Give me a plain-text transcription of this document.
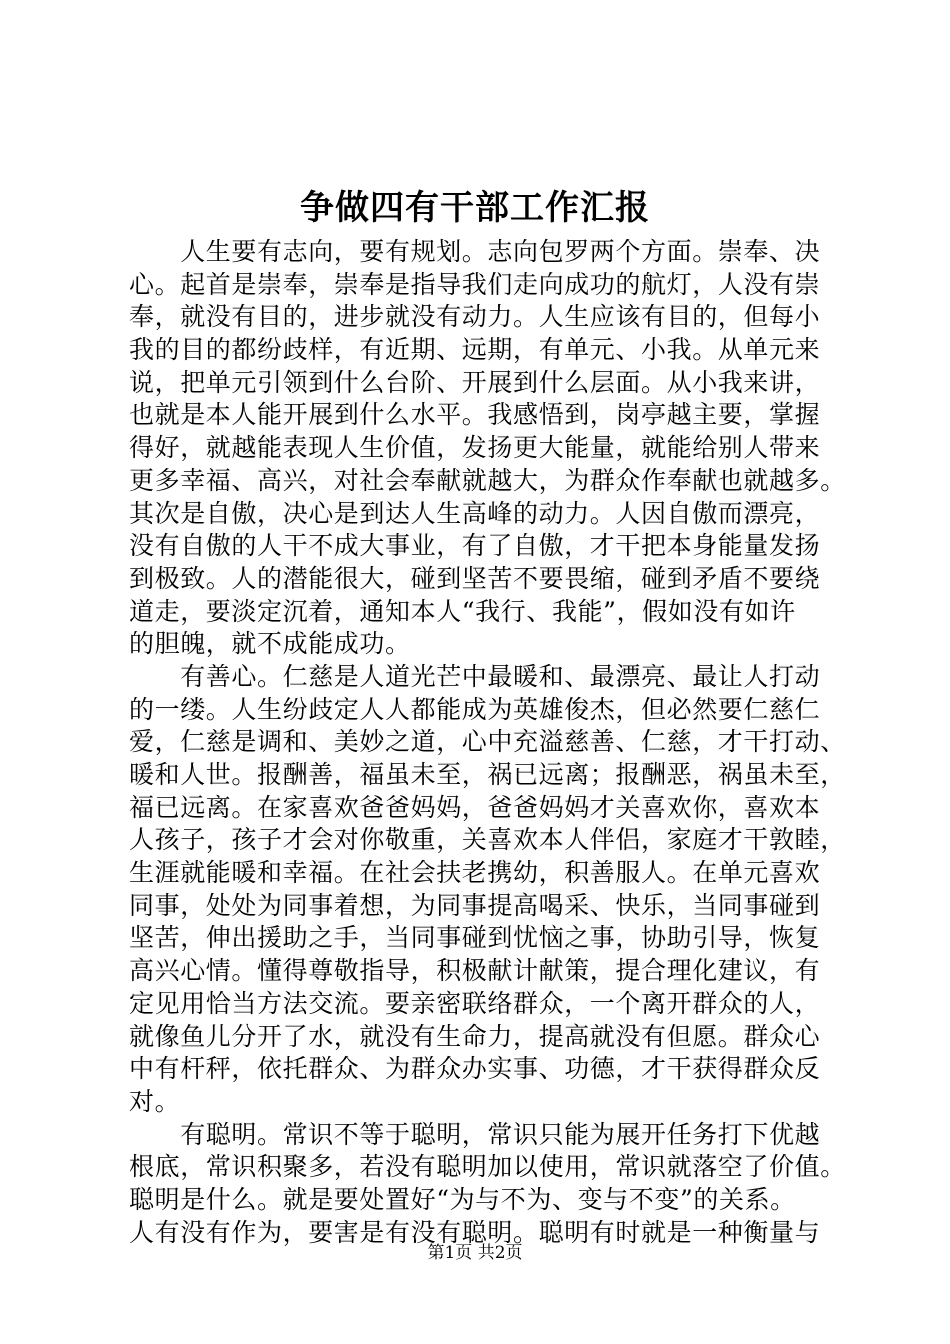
争做四有干部工作汇报
　　人生要有志向，要有规划。志向包罗两个方面。崇奉、决
心。起首是崇奉，崇奉是指导我们走向成功的航灯，人没有崇
奉，就没有目的，进步就没有动力。人生应该有目的，但每小
我的目的都纷歧样，有近期、远期，有单元、小我。从单元来
说，把单元引领到什么台阶、开展到什么层面。从小我来讲，
也就是本人能开展到什么水平。我感悟到，岗亭越主要，掌握
得好，就越能表现人生价值，发扬更大能量，就能给别人带来
更多幸福、高兴，对社会奉献就越大，为群众作奉献也就越多。
其次是自傲，决心是到达人生高峰的动力。人因自傲而漂亮，
没有自傲的人干不成大事业，有了自傲，才干把本身能量发扬
到极致。人的潜能很大，碰到坚苦不要畏缩，碰到矛盾不要绕
道走，要淡定沉着，通知本人“我行、我能”，假如没有如许
的胆魄，就不成能成功。
　　有善心。仁慈是人道光芒中最暖和、最漂亮、最让人打动
的一缕。人生纷歧定人人都能成为英雄俊杰，但必然要仁慈仁
爱，仁慈是调和、美妙之道，心中充溢慈善、仁慈，才干打动、
暖和人世。报酬善，福虽未至，祸已远离；报酬恶，祸虽未至，
福已远离。在家喜欢爸爸妈妈，爸爸妈妈才关喜欢你，喜欢本
人孩子，孩子才会对你敬重，关喜欢本人伴侣，家庭才干敦睦，
生涯就能暖和幸福。在社会扶老携幼，积善服人。在单元喜欢
同事，处处为同事着想，为同事提高喝采、快乐，当同事碰到
坚苦，伸出援助之手，当同事碰到忧恼之事，协助引导，恢复
高兴心情。懂得尊敬指导，积极献计献策，提合理化建议，有
定见用恰当方法交流。要亲密联络群众，一个离开群众的人，
就像鱼儿分开了水，就没有生命力，提高就没有但愿。群众心
中有杆秤，依托群众、为群众办实事、功德，才干获得群众反
对。
　　有聪明。常识不等于聪明，常识只能为展开任务打下优越
根底，常识积聚多，若没有聪明加以使用，常识就落空了价值。
聪明是什么。就是要处置好“为与不为、变与不变”的关系。
人有没有作为，要害是有没有聪明。聪明有时就是一种衡量与
第1页 共2页
